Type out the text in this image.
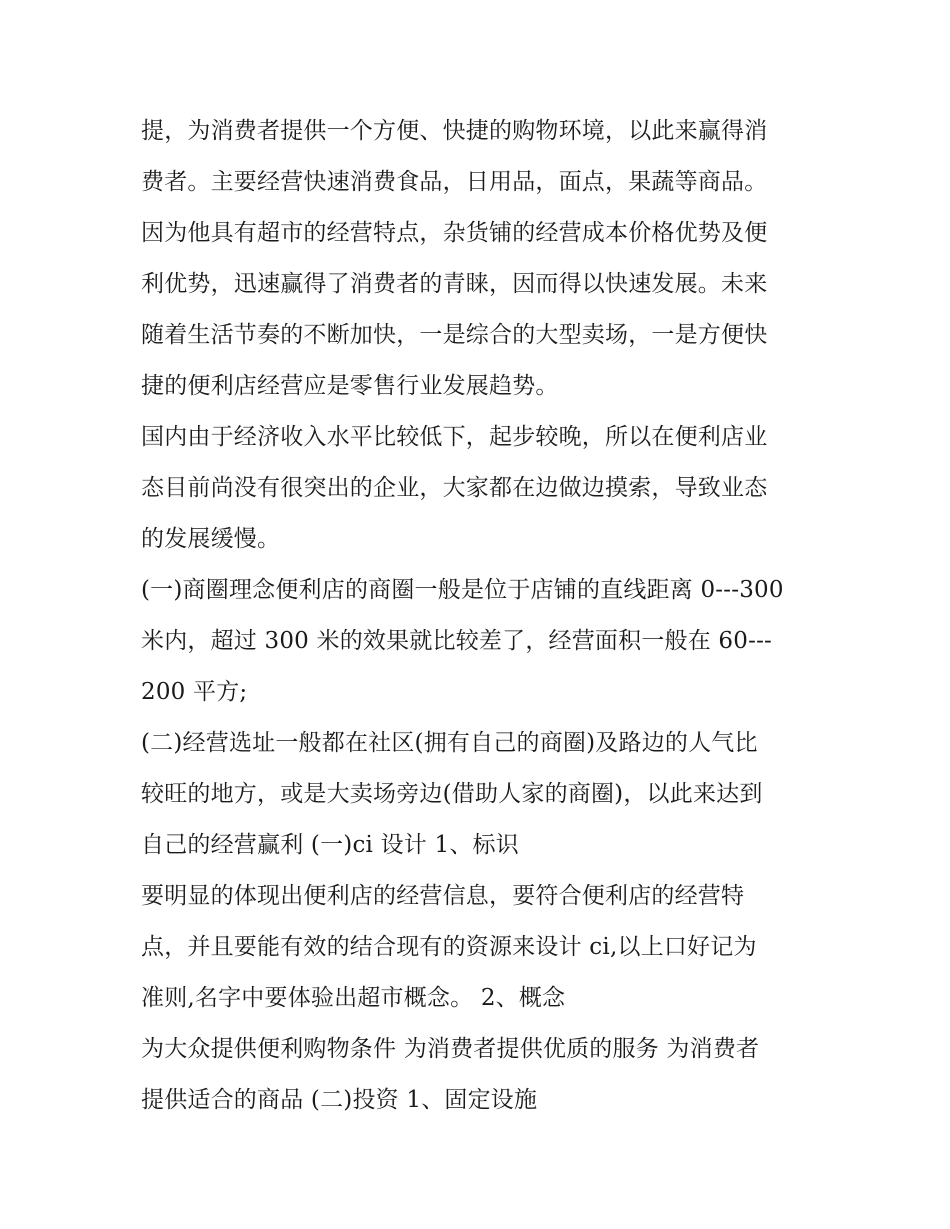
提，为消费者提供一个方便、快捷的购物环境，以此来赢得消
费者。主要经营快速消费食品，日用品，面点，果蔬等商品。
因为他具有超市的经营特点，杂货铺的经营成本价格优势及便
利优势，迅速赢得了消费者的青睐，因而得以快速发展。未来
随着生活节奏的不断加快，一是综合的大型卖场，一是方便快
捷的便利店经营应是零售行业发展趋势。
国内由于经济收入水平比较低下，起步较晚，所以在便利店业
态目前尚没有很突出的企业，大家都在边做边摸索，导致业态
的发展缓慢。
(一)商圈理念便利店的商圈一般是位于店铺的直线距离 0---300
米内，超过 300 米的效果就比较差了，经营面积一般在 60---
200 平方;
(二)经营选址一般都在社区(拥有自己的商圈)及路边的人气比
较旺的地方，或是大卖场旁边(借助人家的商圈)，以此来达到
自己的经营赢利 (一)ci 设计 1、标识
要明显的体现出便利店的经营信息，要符合便利店的经营特
点，并且要能有效的结合现有的资源来设计 ci,以上口好记为
准则,名字中要体验出超市概念。 2、概念
为大众提供便利购物条件 为消费者提供优质的服务 为消费者
提供适合的商品 (二)投资 1、固定设施
